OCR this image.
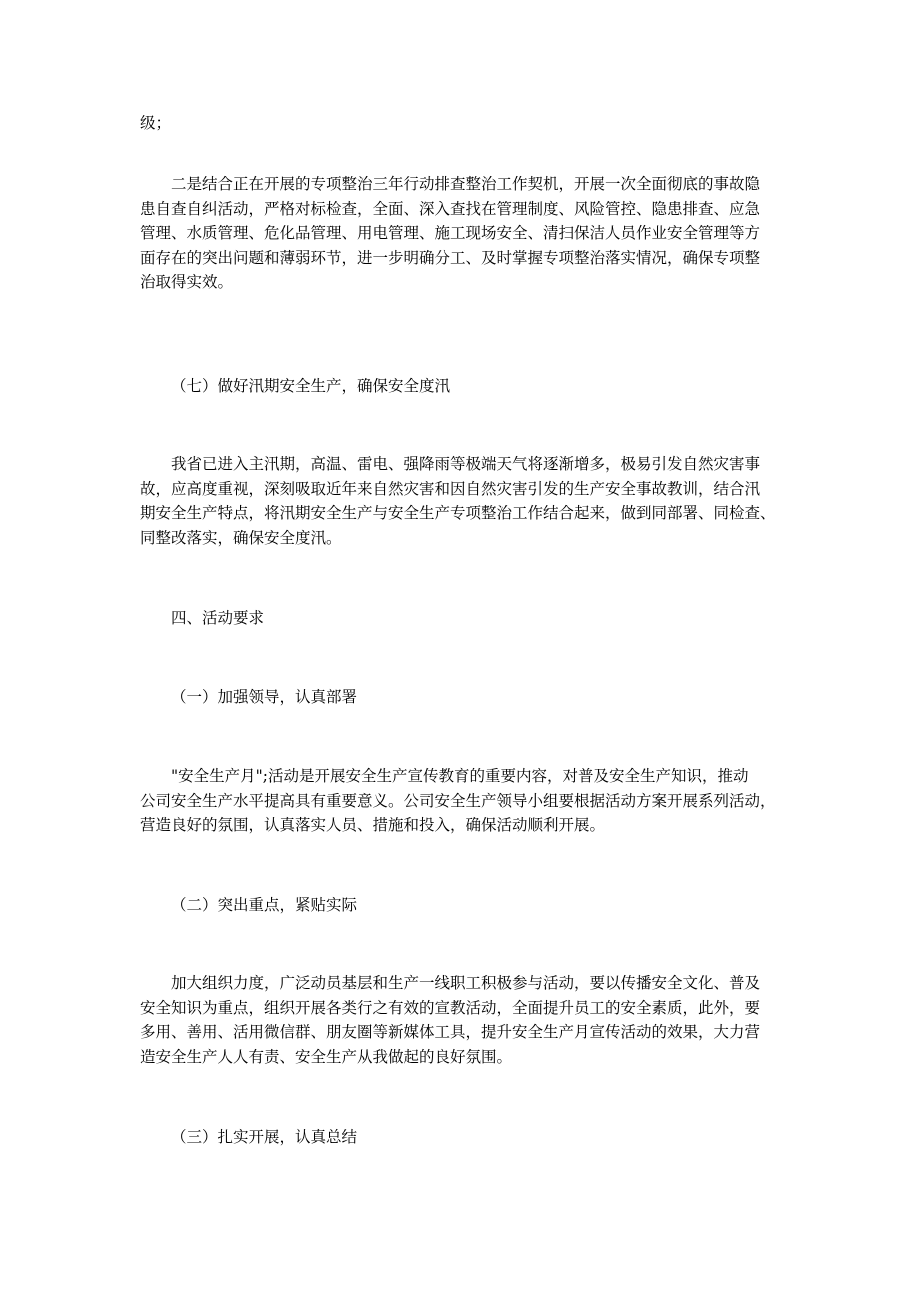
级；
二是结合正在开展的专项整治三年行动排查整治工作契机，开展一次全面彻底的事故隐
患自查自纠活动，严格对标检查，全面、深入查找在管理制度、风险管控、隐患排查、应急
管理、水质管理、危化品管理、用电管理、施工现场安全、清扫保洁人员作业安全管理等方
面存在的突出问题和薄弱环节，进一步明确分工、及时掌握专项整治落实情况，确保专项整
治取得实效。
（七）做好汛期安全生产，确保安全度汛
我省已进入主汛期，高温、雷电、强降雨等极端天气将逐渐增多，极易引发自然灾害事
故，应高度重视，深刻吸取近年来自然灾害和因自然灾害引发的生产安全事故教训，结合汛
期安全生产特点，将汛期安全生产与安全生产专项整治工作结合起来，做到同部署、同检查、
同整改落实，确保安全度汛。
四、活动要求
（一）加强领导，认真部署
"安全生产月";活动是开展安全生产宣传教育的重要内容，对普及安全生产知识，推动
公司安全生产水平提高具有重要意义。公司安全生产领导小组要根据活动方案开展系列活动，
营造良好的氛围，认真落实人员、措施和投入，确保活动顺利开展。
（二）突出重点，紧贴实际
加大组织力度，广泛动员基层和生产一线职工积极参与活动，要以传播安全文化、普及
安全知识为重点，组织开展各类行之有效的宣教活动，全面提升员工的安全素质，此外，要
多用、善用、活用微信群、朋友圈等新媒体工具，提升安全生产月宣传活动的效果，大力营
造安全生产人人有责、安全生产从我做起的良好氛围。
（三）扎实开展，认真总结
